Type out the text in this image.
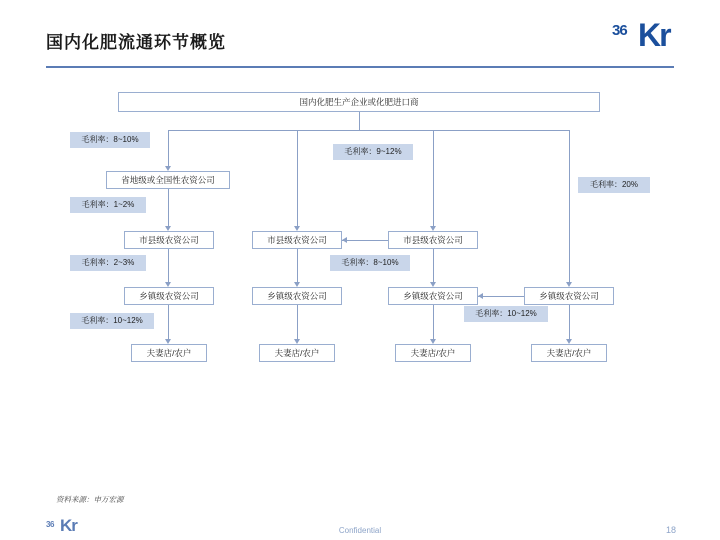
国内化肥流通环节概览
36 Kr
国内化肥生产企业或化肥进口商
省地级或全国性农资公司
市县级农资公司	市县级农资公司	市县级农资公司
乡镇级农资公司	乡镇级农资公司	乡镇级农资公司	乡镇级农资公司
夫妻店/农户	夫妻店/农户	夫妻店/农户	夫妻店/农户
毛利率：8~10%
毛利率：9~12%
毛利率：20%
毛利率：1~2%
毛利率：2~3%	毛利率：8~10%
毛利率：10~12%
毛利率：10~12%
资料来源：申万宏源
36 Kr	Confidential	18
